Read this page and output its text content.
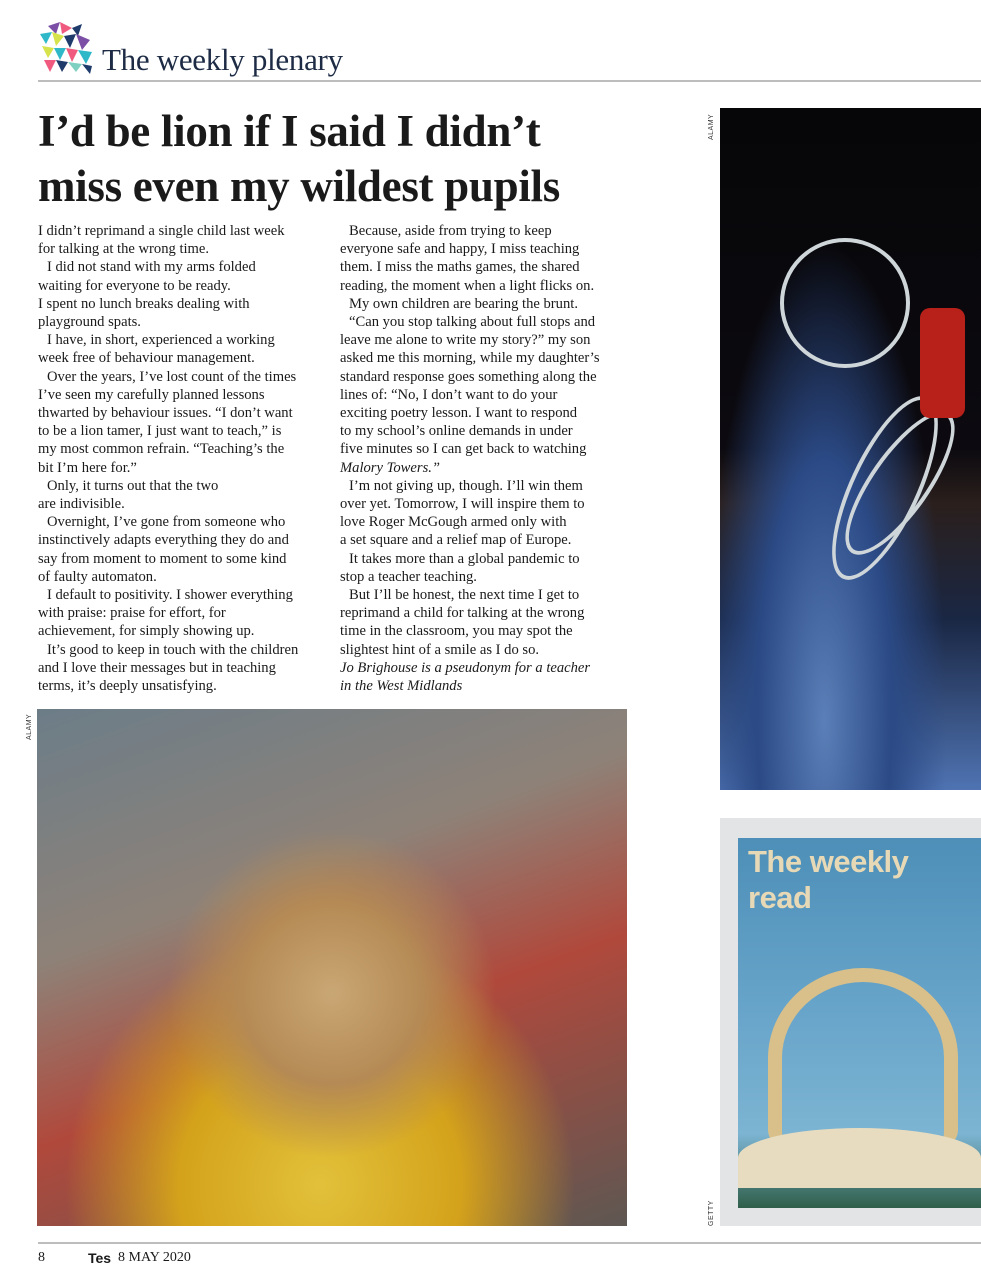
The weekly plenary
I’d be lion if I said I didn’t
miss even my wildest pupils
I didn’t reprimand a single child last week
for talking at the wrong time.
I did not stand with my arms folded
waiting for everyone to be ready.
I spent no lunch breaks dealing with
playground spats.
I have, in short, experienced a working
week free of behaviour management.
Over the years, I’ve lost count of the times
I’ve seen my carefully planned lessons
thwarted by behaviour issues. “I don’t want
to be a lion tamer, I just want to teach,” is
my most common refrain. “Teaching’s the
bit I’m here for.”
Only, it turns out that the two
are indivisible.
Overnight, I’ve gone from someone who
instinctively adapts everything they do and
say from moment to moment to some kind
of faulty automaton.
I default to positivity. I shower everything
with praise: praise for effort, for
achievement, for simply showing up.
It’s good to keep in touch with the children
and I love their messages but in teaching
terms, it’s deeply unsatisfying.
Because, aside from trying to keep
everyone safe and happy, I miss teaching
them. I miss the maths games, the shared
reading, the moment when a light flicks on.
My own children are bearing the brunt.
“Can you stop talking about full stops and
leave me alone to write my story?” my son
asked me this morning, while my daughter’s
standard response goes something along the
lines of: “No, I don’t want to do your
exciting poetry lesson. I want to respond
to my school’s online demands in under
five minutes so I can get back to watching
Malory Towers.”
I’m not giving up, though. I’ll win them
over yet. Tomorrow, I will inspire them to
love Roger McGough armed only with
a set square and a relief map of Europe.
It takes more than a global pandemic to
stop a teacher teaching.
But I’ll be honest, the next time I get to
reprimand a child for talking at the wrong
time in the classroom, you may spot the
slightest hint of a smile as I do so.
Jo Brighouse is a pseudonym for a teacher
in the West Midlands
ALAMY
ALAMY
The weekly
read
GETTY
8	Tes 8 MAY 2020
